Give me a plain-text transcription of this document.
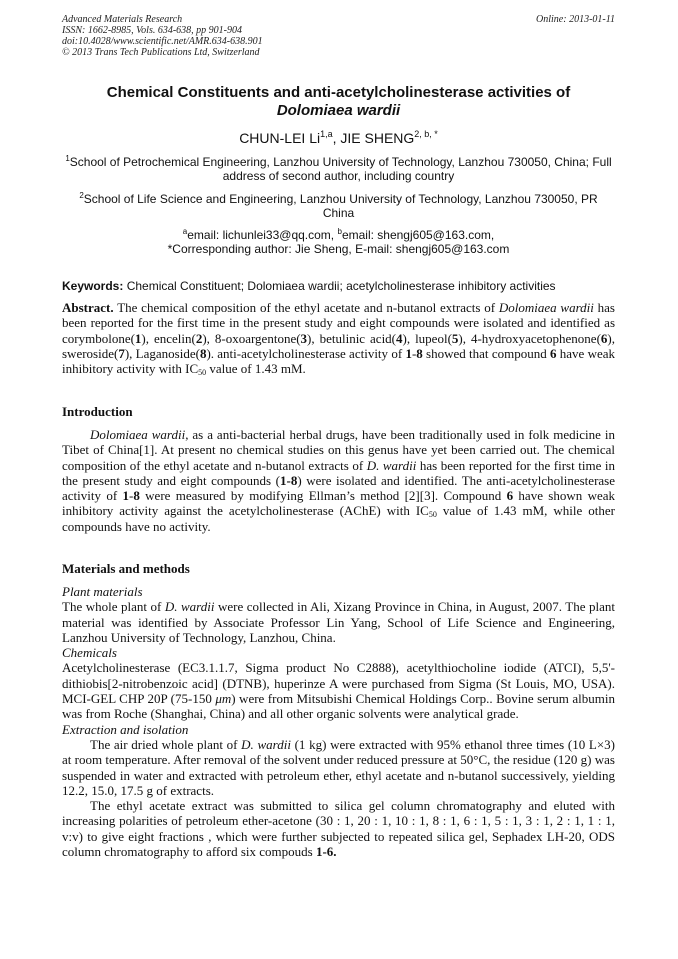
Advanced Materials Research
ISSN: 1662-8985, Vols. 634-638, pp 901-904
doi:10.4028/www.scientific.net/AMR.634-638.901
© 2013 Trans Tech Publications Ltd, Switzerland
Online: 2013-01-11
Chemical Constituents and anti-acetylcholinesterase activities of
Dolomiaea wardii
CHUN-LEI Li$^{1,a}$, JIE $SHENG^{2, b, *}$
$^1$School of Petrochemical Engineering, Lanzhou University of Technology, Lanzhou 730050, China; Full address of second author, including country
$^2$School of Life Science and Engineering, Lanzhou University of Technology, Lanzhou 730050, PR China
$^a$email: lichunlei33@qq.com, $^b$email: shengj605@163.com,
*Corresponding author: Jie Sheng, E-mail: shengj605@163.com
Keywords: Chemical Constituent; Dolomiaea wardii; acetylcholinesterase inhibitory activities
Abstract. The chemical composition of the ethyl acetate and n-butanol extracts of Dolomiaea wardii has been reported for the first time in the present study and eight compounds were isolated and identified as corymbolone(1), encelin(2), 8-oxoargentone(3), betulinic acid(4), lupeol(5), 4-hydroxyacetophenone(6), sweroside(7), Laganoside(8). anti-acetylcholinesterase activity of 1-8 showed that compound 6 have weak inhibitory activity with $IC_{50}$ value of 1.43 mM.
Introduction
Dolomiaea wardii, as a anti-bacterial herbal drugs, have been traditionally used in folk medicine in Tibet of China[1]. At present no chemical studies on this genus have yet been carried out. The chemical composition of the ethyl acetate and n-butanol extracts of D. wardii has been reported for the first time in the present study and eight compounds (1-8) were isolated and identified. The anti-acetylcholinesterase activity of 1-8 were measured by modifying Ellman’s method [2][3]. Compound 6 have shown weak inhibitory activity against the acetylcholinesterase (AChE) with $IC_{50}$ value of 1.43 mM, while other compounds have no activity.
Materials and methods
Plant materials
The whole plant of D. wardii were collected in Ali, Xizang Province in China, in August, 2007. The plant material was identified by Associate Professor Lin Yang, School of Life Science and Engineering, Lanzhou University of Technology, Lanzhou, China.
Chemicals
Acetylcholinesterase (EC3.1.1.7, Sigma product No C2888), acetylthiocholine iodide (ATCI), 5,5'-dithiobis[2-nitrobenzoic acid] (DTNB), huperinze A were purchased from Sigma (St Louis, MO, USA). MCI-GEL CHP 20P (75-150 μm) were from Mitsubishi Chemical Holdings Corp.. Bovine serum albumin was from Roche (Shanghai, China) and all other organic solvents were analytical grade.
Extraction and isolation
The air dried whole plant of D. wardii (1 kg) were extracted with 95% ethanol three times (10 L×3) at room temperature. After removal of the solvent under reduced pressure at 50°C, the residue (120 g) was suspended in water and extracted with petroleum ether, ethyl acetate and n-butanol successively, yielding 12.2, 15.0, 17.5 g of extracts.
The ethyl acetate extract was submitted to silica gel column chromatography and eluted with increasing polarities of petroleum ether-acetone (30 : 1, 20 : 1, 10 : 1, 8 : 1, 6 : 1, 5 : 1, 3 : 1, 2 : 1, 1 : 1, v:v) to give eight fractions , which were further subjected to repeated silica gel, Sephadex LH-20, ODS column chromatography to afford six compouds 1-6.
